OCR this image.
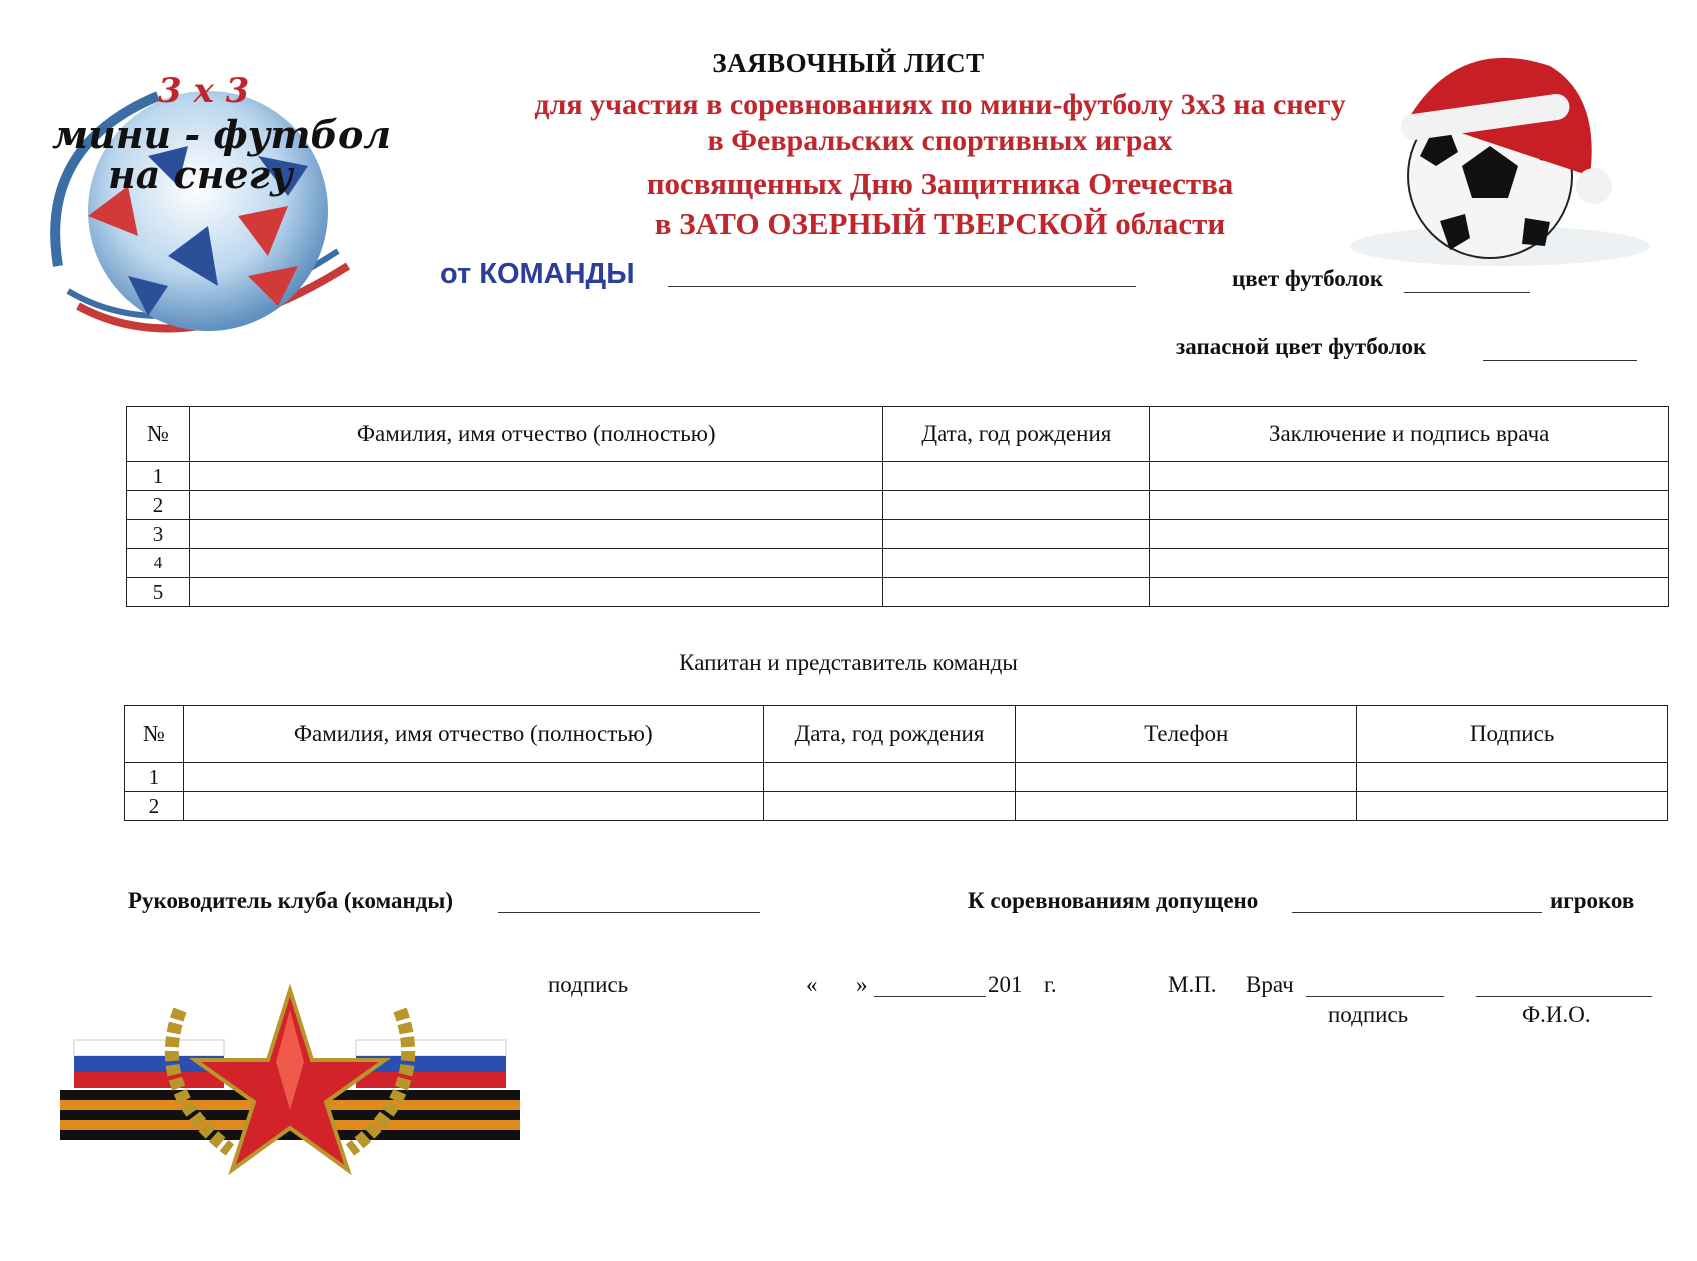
3 x 3
мини - футбол
на снегу
ЗАЯВОЧНЫЙ ЛИСТ
для участия в соревнованиях по мини-футболу 3х3 на снегу
в Февральских спортивных играх
посвященных Дню Защитника Отечества
в ЗАТО ОЗЕРНЫЙ ТВЕРСКОЙ области
от КОМАНДЫ	цвет футболок
запасной цвет футболок
№	Фамилия, имя отчество (полностью)	Дата, год рождения	Заключение и подпись врача
1			
2			
3			
4			
5			
Капитан и представитель команды
№	Фамилия, имя отчество (полностью)	Дата, год рождения	Телефон	Подпись
1				
2				
Руководитель клуба (команды)	К соревнованиям допущено	игроков
подпись	« »	201 г.	М.П. Врач
подпись	Ф.И.О.
